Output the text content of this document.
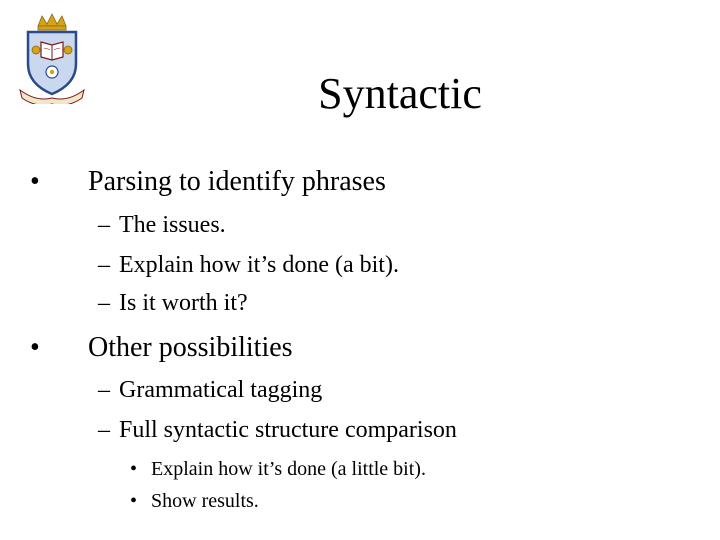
Syntactic
• Parsing to identify phrases
– The issues.
– Explain how it’s done (a bit).
– Is it worth it?
• Other possibilities
– Grammatical tagging
– Full syntactic structure comparison
• Explain how it’s done (a little bit).
• Show results.
